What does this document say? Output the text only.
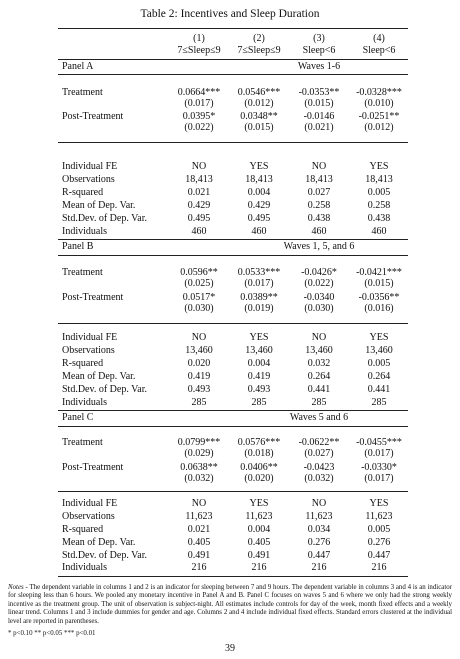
Table 2: Incentives and Sleep Duration
(1)	(2)	(3)	(4)
7≤Sleep≤9	7≤Sleep≤9	Sleep<6	Sleep<6
Panel A	Waves 1-6
Treatment	0.0664***	0.0546***	-0.0353**	-0.0328***
(0.017)	(0.012)	(0.015)	(0.010)
Post-Treatment	0.0395*	0.0348**	-0.0146	-0.0251**
(0.022)	(0.015)	(0.021)	(0.012)
Individual FE	NO	YES	NO	YES
Observations	18,413	18,413	18,413	18,413
R-squared	0.021	0.004	0.027	0.005
Mean of Dep. Var.	0.429	0.429	0.258	0.258
Std.Dev. of Dep. Var.	0.495	0.495	0.438	0.438
Individuals	460	460	460	460
Panel B	Waves 1, 5, and 6
Treatment	0.0596**	0.0533***	-0.0426*	-0.0421***
(0.025)	(0.017)	(0.022)	(0.015)
Post-Treatment	0.0517*	0.0389**	-0.0340	-0.0356**
(0.030)	(0.019)	(0.030)	(0.016)
Individual FE	NO	YES	NO	YES
Observations	13,460	13,460	13,460	13,460
R-squared	0.020	0.004	0.032	0.005
Mean of Dep. Var.	0.419	0.419	0.264	0.264
Std.Dev. of Dep. Var.	0.493	0.493	0.441	0.441
Individuals	285	285	285	285
Panel C	Waves 5 and 6
Treatment	0.0799***	0.0576***	-0.0622**	-0.0455***
(0.029)	(0.018)	(0.027)	(0.017)
Post-Treatment	0.0638**	0.0406**	-0.0423	-0.0330*
(0.032)	(0.020)	(0.032)	(0.017)
Individual FE	NO	YES	NO	YES
Observations	11,623	11,623	11,623	11,623
R-squared	0.021	0.004	0.034	0.005
Mean of Dep. Var.	0.405	0.405	0.276	0.276
Std.Dev. of Dep. Var.	0.491	0.491	0.447	0.447
Individuals	216	216	216	216
Notes - The dependent variable in columns 1 and 2 is an indicator for sleeping between 7 and 9 hours. The dependent variable in columns 3 and 4 is an indicator for sleeping less than 6 hours. We pooled any monetary incentive in Panel A and B. Panel C focuses on waves 5 and 6 where we only had the strong weekly incentive as the treatment group. The unit of observation is subject-night. All estimates include controls for day of the week, month fixed effects and a weekly linear trend. Columns 1 and 3 include dummies for gender and age. Columns 2 and 4 include individual fixed effects. Standard errors clustered at the individual level are reported in parentheses.
* p<0.10 ** p<0.05 *** p<0.01
39
